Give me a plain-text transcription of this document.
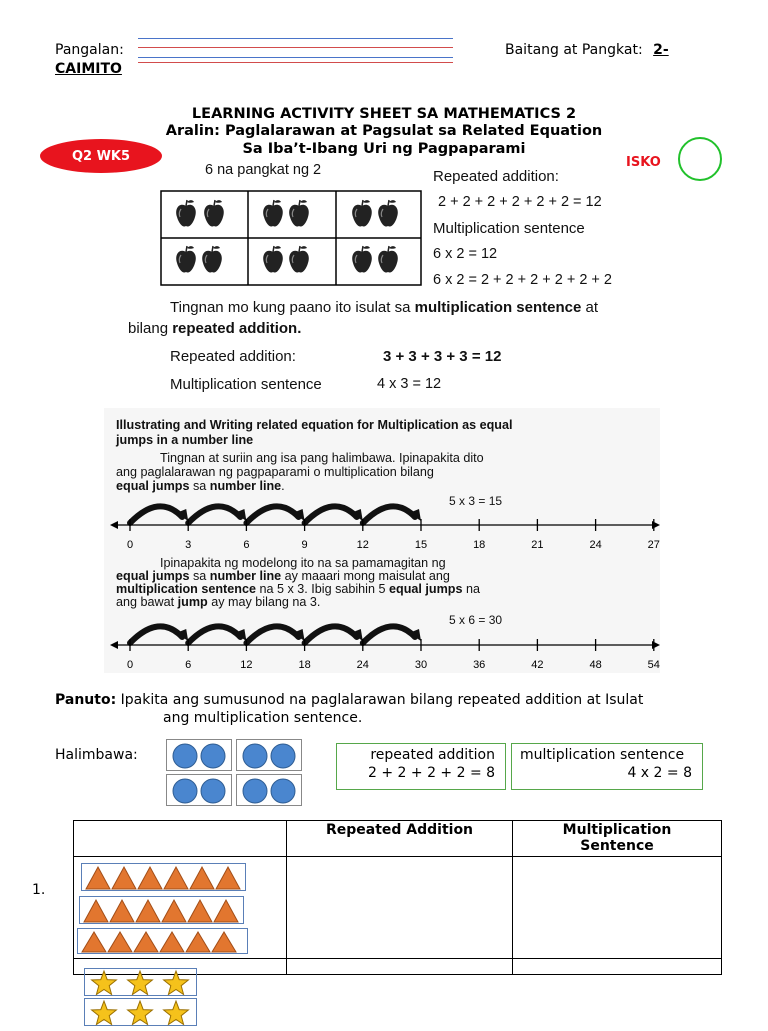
Pangalan:	Baitang at Pangkat: 2-
CAIMITO
LEARNING ACTIVITY SHEET SA MATHEMATICS 2
Aralin: Paglalarawan at Pagsulat sa Related Equation
Sa Iba’t-Ibang Uri ng Pagpaparami
Q2 WK5	ISKO
6 na pangkat ng 2	Repeated addition:
2 + 2 + 2 + 2 + 2 + 2 = 12
Multiplication sentence
6 x 2 = 12
6 x 2 = 2 + 2 + 2 + 2 + 2 + 2
Tingnan mo kung paano ito isulat sa multiplication sentence at
bilang repeated addition.
Repeated addition:	3 + 3 + 3 + 3 = 12
Multiplication sentence	4 x 3 = 12
Illustrating and Writing related equation for Multiplication as equal
jumps in a number line
Tingnan at suriin ang isa pang halimbawa. Ipinapakita dito
ang paglalarawan ng pagpaparami o multiplication bilang
equal jumps sa number line.
5 x 3 = 15
0	3	6	9	12	15	18	21	24	27
Ipinapakita ng modelong ito na sa pamamagitan ng
equal jumps sa number line ay maaari mong maisulat ang
multiplication sentence na 5 x 3. Ibig sabihin 5 equal jumps na
ang bawat jump ay may bilang na 3.
5 x 6 = 30
0	6	12	18	24	30	36	42	48	54
Panuto: Ipakita ang sumusunod na paglalarawan bilang repeated addition at Isulat
ang multiplication sentence.
Halimbawa:	repeated addition
2 + 2 + 2 + 2 = 8
multiplication sentence
4 x 2 = 8
	Repeated Addition	Multiplication
Sentence

1.
